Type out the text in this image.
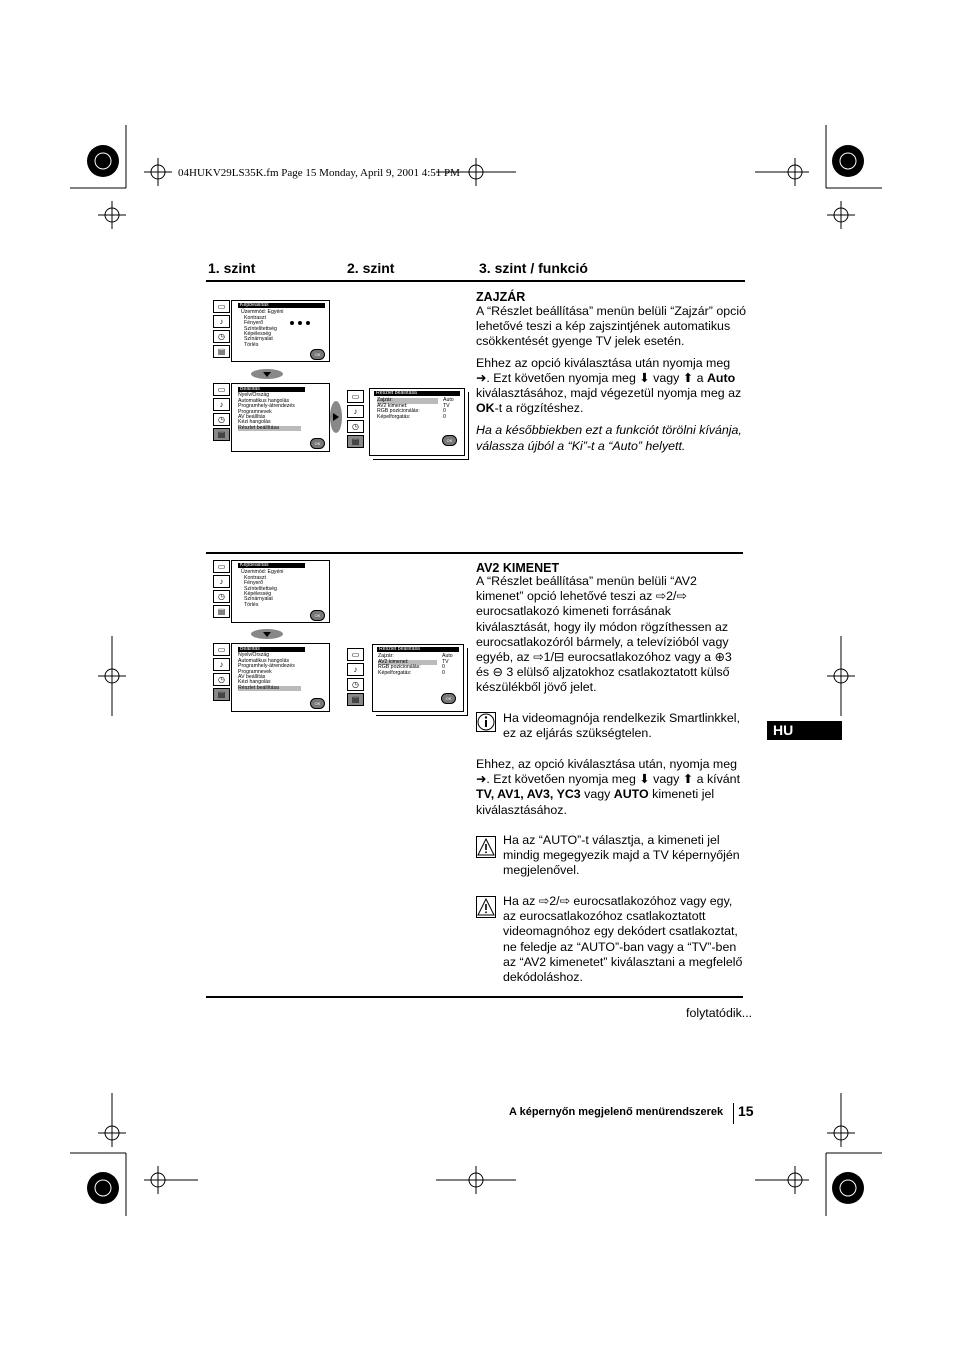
04HUKV29LS35K.fm Page 15 Monday, April 9, 2001 4:51 PM
1. szint	2. szint	3. szint / funkció
▭
♪
◷
▤
Képbeállítás
Üzemmód: Egyéni
Kontraszt
Fényerő
Színtelítettség
Képélesség
Színárnyalat
Törlés
OK
▭
♪
◷
▤
Beállítás
Nyelv/Ország
Automatikus hangolás
Programhely-átrendezés
Programnevek
AV beállítás
Kézi hangolás
Részlet beállítása
OK
▭
♪
◷
▤
Részlet beállítása
Zajzár:	Auto
AV2 kimenet:	TV
RGB pozicionálás:	0
Képelforgatás:	0
OK
▭
♪
◷
▤
Képbeállítás
Üzemmód: Egyéni
Kontraszt
Fényerő
Színtelítettség
Képélesség
Színárnyalat
Törlés
OK
▭
♪
◷
▤
Beállítás
Nyelv/Ország
Automatikus hangolás
Programhely-átrendezés
Programnevek
AV beállítás
Kézi hangolás
Részlet beállítása
OK
▭
♪
◷
▤
Részlet beállítása
Zajzár:	Auto
AV2 kimenet:	TV
RGB pozicionálás:	0
Képelforgatás:	0
OK
ZAJZÁR

A “Részlet beállítása” menün belüli “Zajzár” opció lehetővé teszi a kép zajszintjének automatikus csökkentését gyenge TV jelek esetén.

Ehhez az opció kiválasztása után nyomja meg ➜. Ezt követően nyomja meg ⬇ vagy ⬆ a Auto kiválasztásához, majd végezetül nyomja meg az OK-t a rögzítéshez.

Ha a későbbiekben ezt a funkciót törölni kívánja, válassza újból a “Ki”-t a “Auto” helyett.

AV2 KIMENET

A “Részlet beállítása” menün belüli “AV2 kimenet” opció lehetővé teszi az ⇨2/⇨ eurocsatlakozó kimeneti forrásának kiválasztását, hogy ily módon rögzíthessen az eurocsatlakozóról bármely, a televízióból vagy egyéb, az ⇨1/⊟ eurocsatlakozóhoz vagy a ⊕3 és ⊖ 3 elülső aljzatokhoz csatlakoztatott külső készülékből jövő jelet.

Ha videomagnója rendelkezik Smartlinkkel, ez az eljárás szükségtelen.
Ehhez, az opció kiválasztása után, nyomja meg ➜. Ezt követően nyomja meg ⬇ vagy ⬆ a kívánt TV, AV1, AV3, YC3 vagy AUTO kimeneti jel kiválasztásához.
Ha az “AUTO”-t választja, a kimeneti jel mindig megegyezik majd a TV képernyőjén megjelenővel.
Ha az ⇨2/⇨ eurocsatlakozóhoz vagy egy, az eurocsatlakozóhoz csatlakoztatott videomagnóhoz egy dekódert csatlakoztat, ne feledje az “AUTO”-ban vagy a “TV”-ben az “AV2 kimenetet” kiválasztani a megfelelő dekódoláshoz.
HU
folytatódik...
A képernyőn megjelenő menürendszerek 15
